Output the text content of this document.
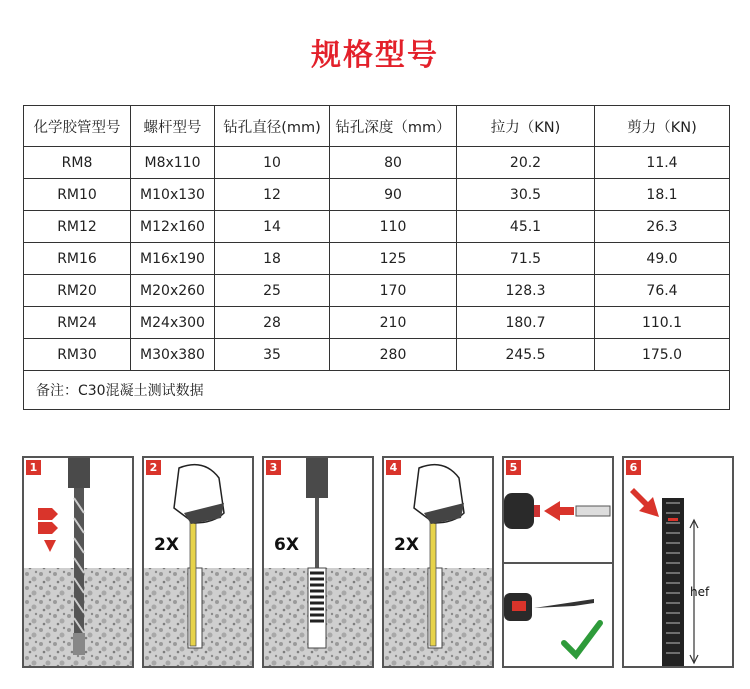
规格型号
化学胶管型号	螺杆型号	钻孔直径(mm)	钻孔深度（mm）	拉力（KN)	剪力（KN)
RM8	M8x110	10	80	20.2	11.4
RM10	M10x130	12	90	30.5	18.1
RM12	M12x160	14	110	45.1	26.3
RM16	M16x190	18	125	71.5	49.0
RM20	M20x260	25	170	128.3	76.4
RM24	M24x300	28	210	180.7	110.1
RM30	M30x380	35	280	245.5	175.0
备注：C30混凝土测试数据					
1
2X
2
6X
3
2X
4	5
hef
6
